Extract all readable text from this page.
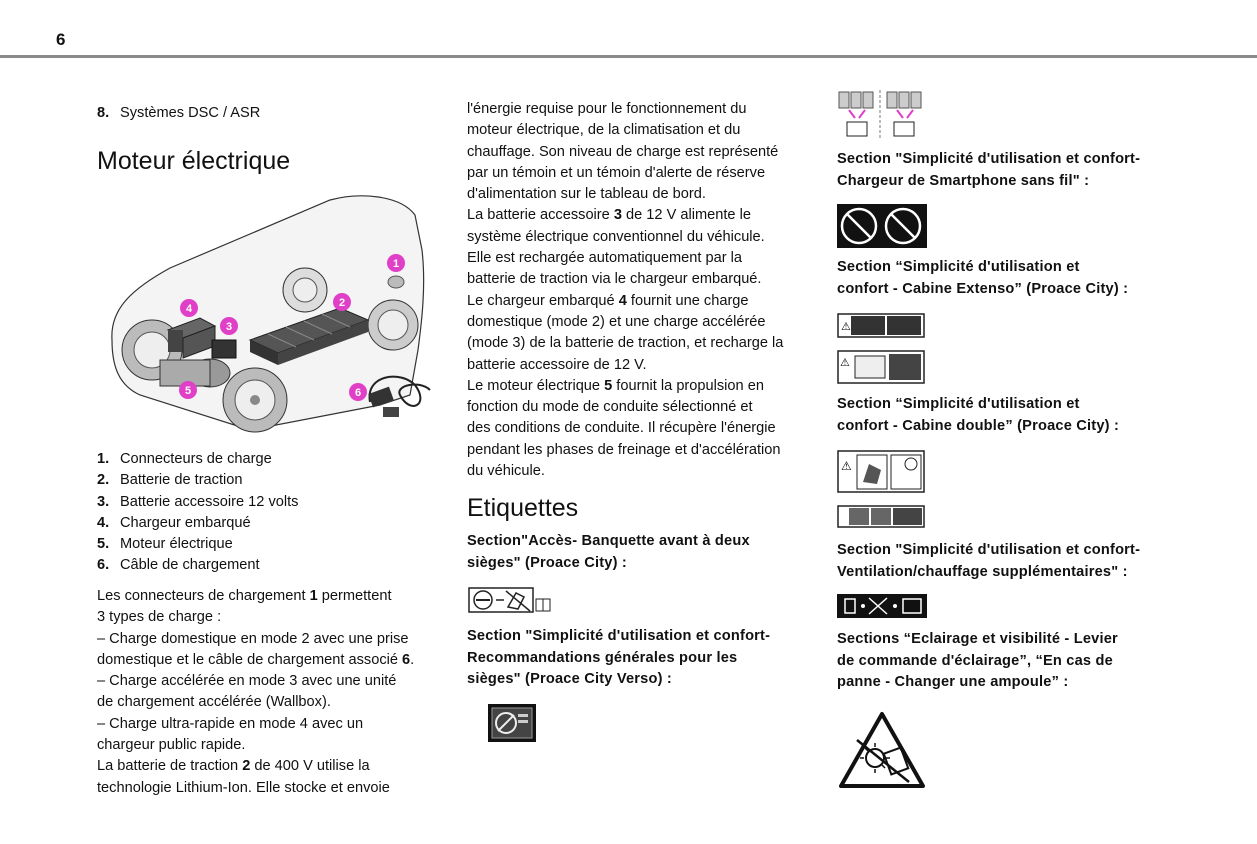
6
8. Systèmes DSC / ASR
Moteur électrique
1
2
3
4
5	6
1. Connecteurs de charge
2. Batterie de traction
3. Batterie accessoire 12 volts
4. Chargeur embarqué
5. Moteur électrique
6. Câble de chargement
Les connecteurs de chargement 1 permettent
3 types de charge :
– Charge domestique en mode 2 avec une prise
domestique et le câble de chargement associé 6.
– Charge accélérée en mode 3 avec une unité
de chargement accélérée (Wallbox).
– Charge ultra-rapide en mode 4 avec un
chargeur public rapide.
La batterie de traction 2 de 400 V utilise la
technologie Lithium-Ion. Elle stocke et envoie
l'énergie requise pour le fonctionnement du
moteur électrique, de la climatisation et du
chauffage. Son niveau de charge est représenté
par un témoin et un témoin d'alerte de réserve
d'alimentation sur le tableau de bord.
La batterie accessoire 3 de 12 V alimente le
système électrique conventionnel du véhicule.
Elle est rechargée automatiquement par la
batterie de traction via le chargeur embarqué.
Le chargeur embarqué 4 fournit une charge
domestique (mode 2) et une charge accélérée
(mode 3) de la batterie de traction, et recharge la
batterie accessoire de 12 V.
Le moteur électrique 5 fournit la propulsion en
fonction du mode de conduite sélectionné et
des conditions de conduite. Il récupère l'énergie
pendant les phases de freinage et d'accélération
du véhicule.
Etiquettes
Section"Accès- Banquette avant à deux
sièges" (Proace City) :
Section "Simplicité d'utilisation et confort-
Recommandations générales pour les
sièges" (Proace City Verso) :
Section "Simplicité d'utilisation et confort-
Chargeur de Smartphone sans fil" :
Section “Simplicité d'utilisation et
confort - Cabine Extenso” (Proace City) :
⚠
⚠
Section “Simplicité d'utilisation et
confort - Cabine double” (Proace City) :
⚠
Section "Simplicité d'utilisation et confort-
Ventilation/chauffage supplémentaires" :
Sections “Eclairage et visibilité - Levier
de commande d'éclairage”, “En cas de
panne - Changer une ampoule” :
